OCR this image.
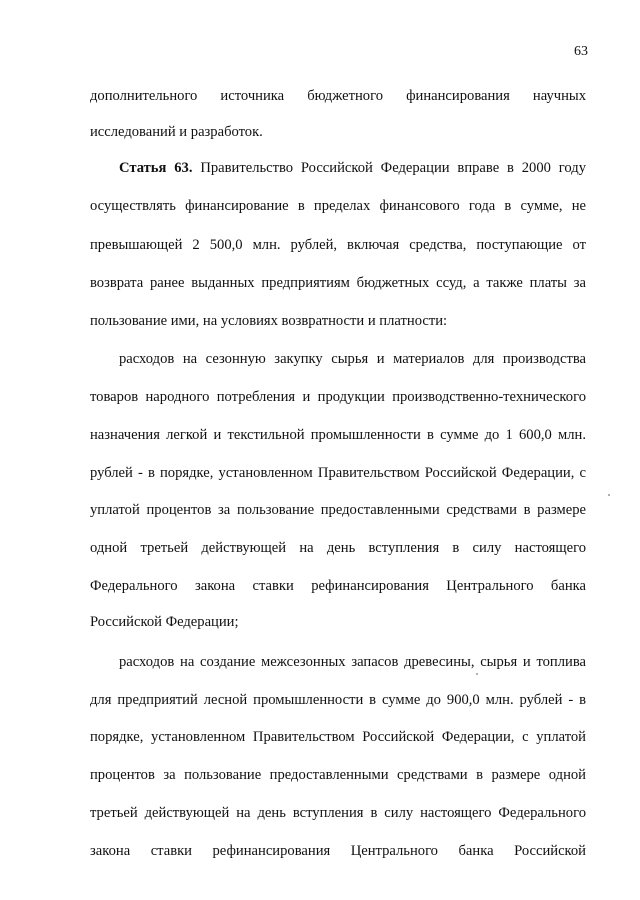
63
дополнительного источника бюджетного финансирования научных
исследований и разработок.
Статья 63. Правительство Российской Федерации вправе в 2000 году
осуществлять финансирование в пределах финансового года в сумме, не
превышающей 2 500,0 млн. рублей, включая средства, поступающие от
возврата ранее выданных предприятиям бюджетных ссуд, а также платы за
пользование ими, на условиях возвратности и платности:
расходов на сезонную закупку сырья и материалов для производства
товаров народного потребления и продукции производственно-технического
назначения легкой и текстильной промышленности в сумме до 1 600,0 млн.
рублей - в порядке, установленном Правительством Российской Федерации, с
уплатой процентов за пользование предоставленными средствами в размере
одной третьей действующей на день вступления в силу настоящего
Федерального закона ставки рефинансирования Центрального банка
Российской Федерации;
расходов на создание межсезонных запасов древесины, сырья и топлива
для предприятий лесной промышленности в сумме до 900,0 млн. рублей - в
порядке, установленном Правительством Российской Федерации, с уплатой
процентов за пользование предоставленными средствами в размере одной
третьей действующей на день вступления в силу настоящего Федерального
закона ставки рефинансирования Центрального банка Российской
